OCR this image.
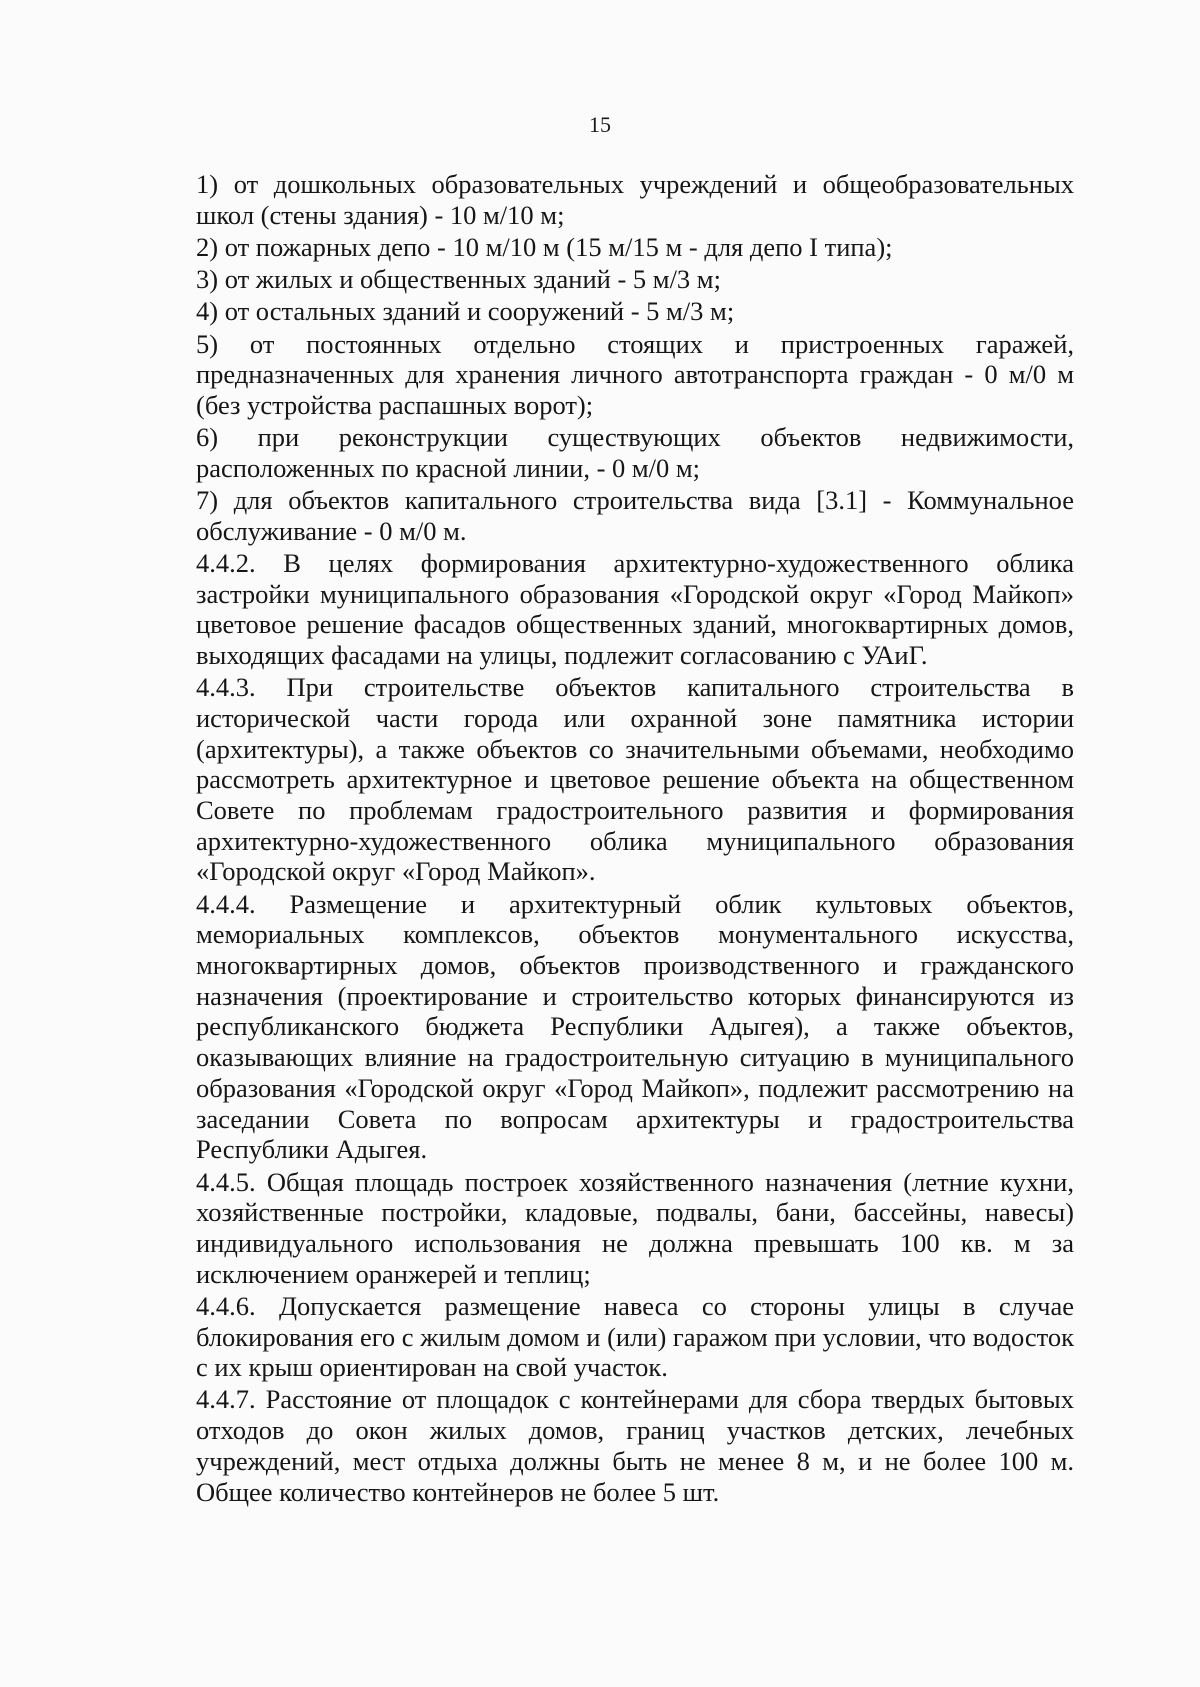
15

1) от дошкольных образовательных учреждений и общеобразовательных школ (стены здания) - 10 м/10 м;

2) от пожарных депо - 10 м/10 м (15 м/15 м - для депо I типа);

3) от жилых и общественных зданий - 5 м/3 м;

4) от остальных зданий и сооружений - 5 м/3 м;

5) от постоянных отдельно стоящих и пристроенных гаражей, предназначенных для хранения личного автотранспорта граждан - 0 м/0 м (без устройства распашных ворот);

6) при реконструкции существующих объектов недвижимости, расположенных по красной линии, - 0 м/0 м;

7) для объектов капитального строительства вида [3.1] - Коммунальное обслуживание - 0 м/0 м.

4.4.2. В целях формирования архитектурно-художественного облика застройки муниципального образования «Городской округ «Город Майкоп» цветовое решение фасадов общественных зданий, многоквартирных домов, выходящих фасадами на улицы, подлежит согласованию с УАиГ.

4.4.3. При строительстве объектов капитального строительства в исторической части города или охранной зоне памятника истории (архитектуры), а также объектов со значительными объемами, необходимо рассмотреть архитектурное и цветовое решение объекта на общественном Совете по проблемам градостроительного развития и формирования архитектурно-художественного облика муниципального образования «Городской округ «Город Майкоп».

4.4.4. Размещение и архитектурный облик культовых объектов, мемориальных комплексов, объектов монументального искусства, многоквартирных домов, объектов производственного и гражданского назначения (проектирование и строительство которых финансируются из республиканского бюджета Республики Адыгея), а также объектов, оказывающих влияние на градостроительную ситуацию в муниципального образования «Городской округ «Город Майкоп», подлежит рассмотрению на заседании Совета по вопросам архитектуры и градостроительства Республики Адыгея.

4.4.5. Общая площадь построек хозяйственного назначения (летние кухни, хозяйственные постройки, кладовые, подвалы, бани, бассейны, навесы) индивидуального использования не должна превышать 100 кв. м за исключением оранжерей и теплиц;

4.4.6. Допускается размещение навеса со стороны улицы в случае блокирования его с жилым домом и (или) гаражом при условии, что водосток с их крыш ориентирован на свой участок.

4.4.7. Расстояние от площадок с контейнерами для сбора твердых бытовых отходов до окон жилых домов, границ участков детских, лечебных учреждений, мест отдыха должны быть не менее 8 м, и не более 100 м. Общее количество контейнеров не более 5 шт.
